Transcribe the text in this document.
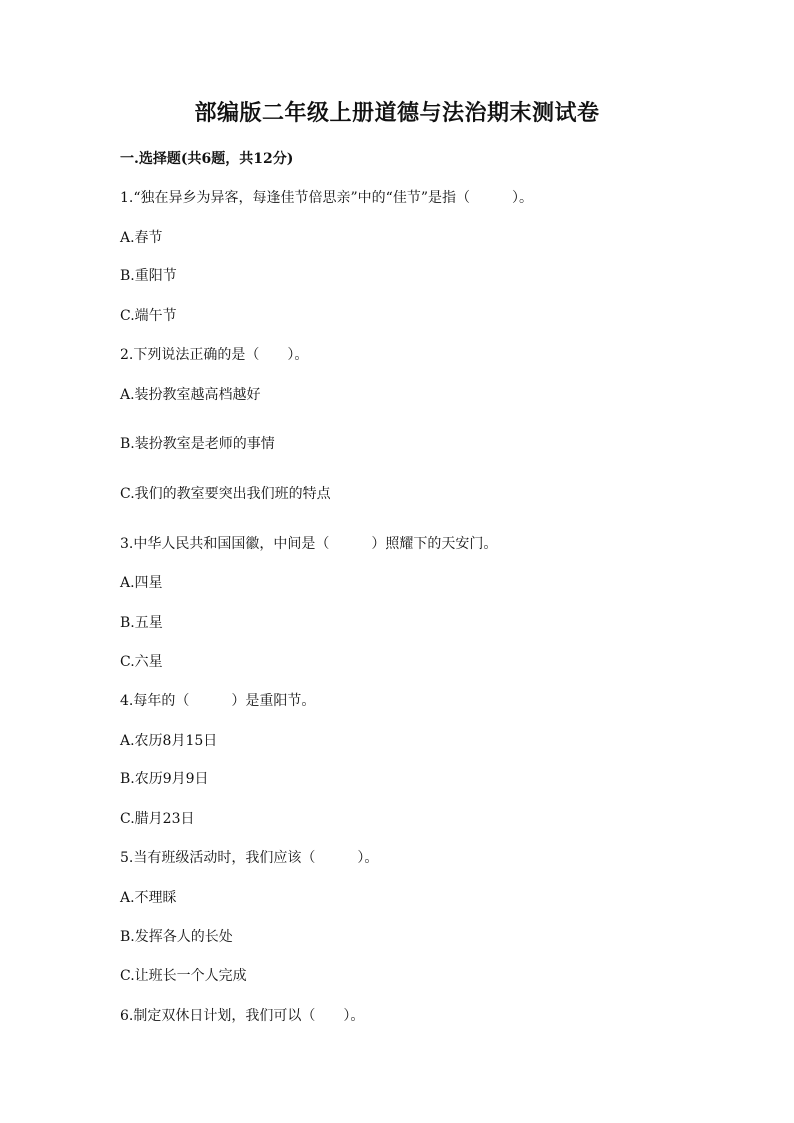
部编版二年级上册道德与法治期末测试卷
一.选择题(共6题，共12分)
1.“独在异乡为异客，每逢佳节倍思亲”中的“佳节”是指（　　　）。
A.春节
B.重阳节
C.端午节
2.下列说法正确的是（　　）。
A.装扮教室越高档越好
B.装扮教室是老师的事情
C.我们的教室要突出我们班的特点
3.中华人民共和国国徽，中间是（　　　）照耀下的天安门。
A.四星
B.五星
C.六星
4.每年的（　　　）是重阳节。
A.农历8月15日
B.农历9月9日
C.腊月23日
5.当有班级活动时，我们应该（　　　）。
A.不理睬
B.发挥各人的长处
C.让班长一个人完成
6.制定双休日计划，我们可以（　　）。
